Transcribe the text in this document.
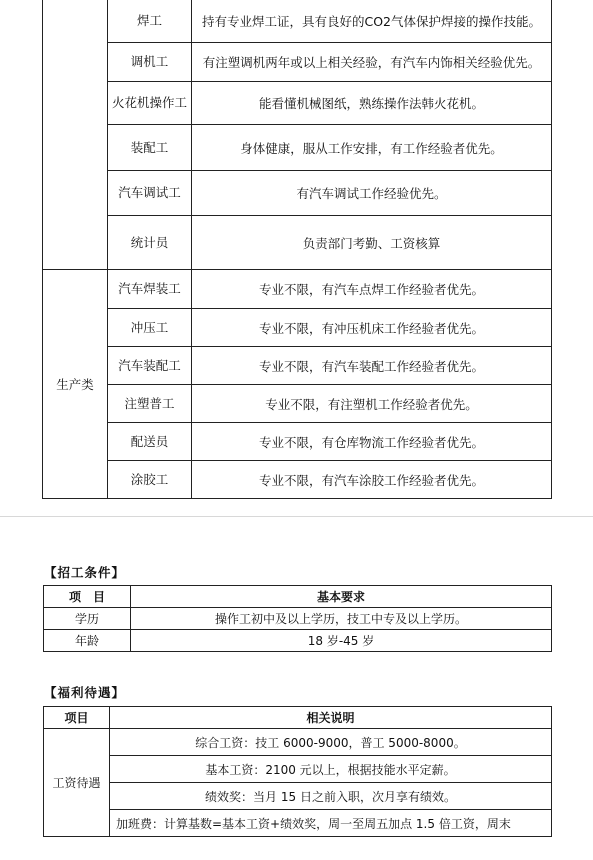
	焊工	持有专业焊工证，具有良好的CO2气体保护焊接的操作技能。
	调机工	有注塑调机两年或以上相关经验，有汽车内饰相关经验优先。
	火花机操作工	能看懂机械图纸，熟练操作法韩火花机。
	装配工	身体健康，服从工作安排，有工作经验者优先。
	汽车调试工	有汽车调试工作经验优先。
	统计员	负责部门考勤、工资核算
生产类	汽车焊装工	专业不限，有汽车点焊工作经验者优先。
	冲压工	专业不限，有冲压机床工作经验者优先。
	汽车装配工	专业不限，有汽车装配工作经验者优先。
	注塑普工	专业不限，有注塑机工作经验者优先。
	配送员	专业不限，有仓库物流工作经验者优先。
	涂胶工	专业不限，有汽车涂胶工作经验者优先。
【招工条件】
项　目	基本要求
学历	操作工初中及以上学历，技工中专及以上学历。
年龄	18 岁-45 岁
【福利待遇】
项目	相关说明
工资待遇	综合工资：技工 6000-9000，普工 5000-8000。
	基本工资：2100 元以上，根据技能水平定薪。
	绩效奖：当月 15 日之前入职，次月享有绩效。
	加班费：计算基数=基本工资+绩效奖，周一至周五加点 1.5 倍工资，周末
